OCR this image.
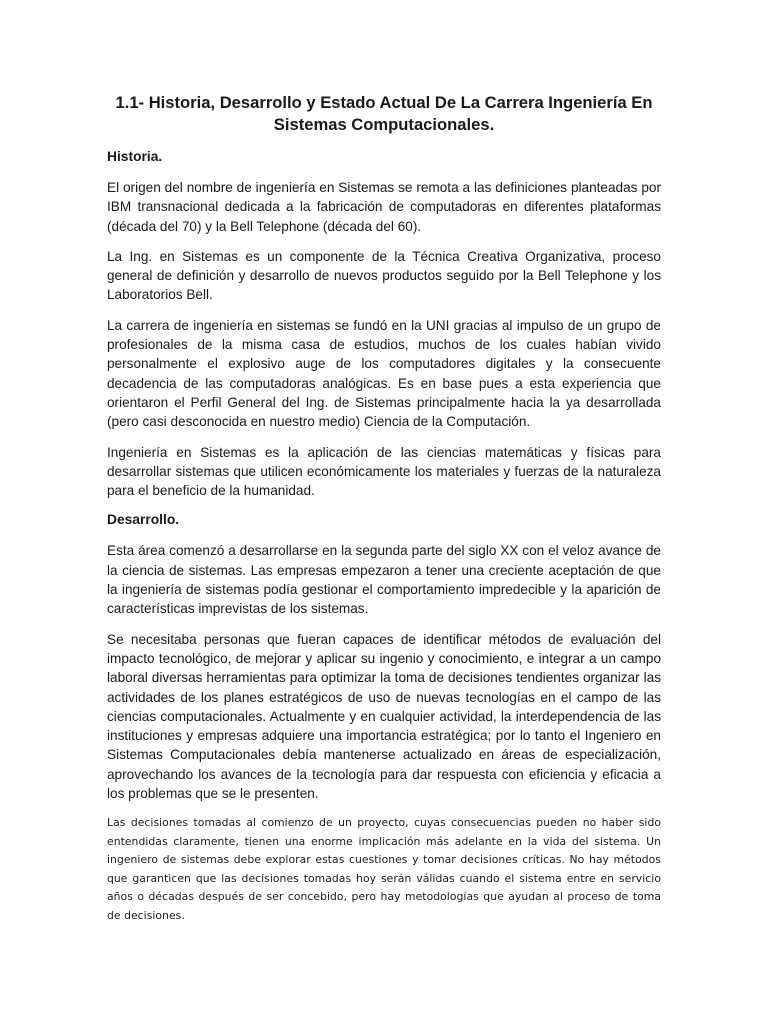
1.1- Historia, Desarrollo y Estado Actual De La Carrera Ingeniería En Sistemas Computacionales.
Historia.

El origen del nombre de ingeniería en Sistemas se remota a las definiciones planteadas por IBM transnacional dedicada a la fabricación de computadoras en diferentes plataformas (década del 70) y la Bell Telephone (década del 60).

La Ing. en Sistemas es un componente de la Técnica Creativa Organizativa, proceso general de definición y desarrollo de nuevos productos seguido por la Bell Telephone y los Laboratorios Bell.

La carrera de ingeniería en sistemas se fundó en la UNI gracias al impulso de un grupo de profesionales de la misma casa de estudios, muchos de los cuales habían vivido personalmente el explosivo auge de los computadores digitales y la consecuente decadencia de las computadoras analógicas. Es en base pues a esta experiencia que orientaron el Perfil General del Ing. de Sistemas principalmente hacia la ya desarrollada (pero casi desconocida en nuestro medio) Ciencia de la Computación.

Ingeniería en Sistemas es la aplicación de las ciencias matemáticas y físicas para desarrollar sistemas que utilicen económicamente los materiales y fuerzas de la naturaleza para el beneficio de la humanidad.

Desarrollo.

Esta área comenzó a desarrollarse en la segunda parte del siglo XX con el veloz avance de la ciencia de sistemas. Las empresas empezaron a tener una creciente aceptación de que la ingeniería de sistemas podía gestionar el comportamiento impredecible y la aparición de características imprevistas de los sistemas.

Se necesitaba personas que fueran capaces de identificar métodos de evaluación del impacto tecnológico, de mejorar y aplicar su ingenio y conocimiento, e integrar a un campo laboral diversas herramientas para optimizar la toma de decisiones tendientes organizar las actividades de los planes estratégicos de uso de nuevas tecnologías en el campo de las ciencias computacionales. Actualmente y en cualquier actividad, la interdependencia de las instituciones y empresas adquiere una importancia estratégica; por lo tanto el Ingeniero en Sistemas Computacionales debía mantenerse actualizado en áreas de especialización, aprovechando los avances de la tecnología para dar respuesta con eficiencia y eficacia a los problemas que se le presenten.

Las decisiones tomadas al comienzo de un proyecto, cuyas consecuencias pueden no haber sido entendidas claramente, tienen una enorme implicación más adelante en la vida del sistema. Un ingeniero de sistemas debe explorar estas cuestiones y tomar decisiones críticas. No hay métodos que garanticen que las decisiones tomadas hoy serán válidas cuando el sistema entre en servicio años o décadas después de ser concebido, pero hay metodologías que ayudan al proceso de toma de decisiones.
